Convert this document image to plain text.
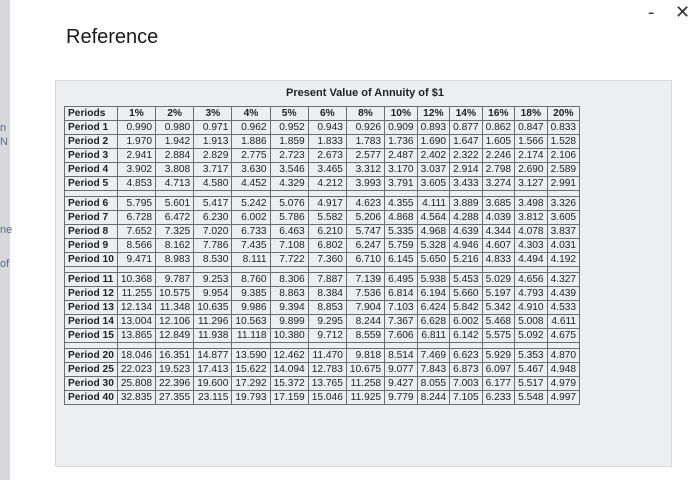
n
N
ne
of
Reference
- ✕
Present Value of Annuity of $1
Periods	1%	2%	3%	4%	5%	6%	8%	10%	12%	14%	16%	18%	20%
Period 1	0.990	0.980	0.971	0.962	0.952	0.943	0.926	0.909	0.893	0.877	0.862	0.847	0.833
Period 2	1.970	1.942	1.913	1.886	1.859	1.833	1.783	1.736	1.690	1.647	1.605	1.566	1.528
Period 3	2.941	2.884	2.829	2.775	2.723	2.673	2.577	2.487	2.402	2.322	2.246	2.174	2.106
Period 4	3.902	3.808	3.717	3.630	3.546	3.465	3.312	3.170	3.037	2.914	2.798	2.690	2.589
Period 5	4.853	4.713	4.580	4.452	4.329	4.212	3.993	3.791	3.605	3.433	3.274	3.127	2.991

Period 6	5.795	5.601	5.417	5.242	5.076	4.917	4.623	4.355	4.111	3.889	3.685	3.498	3.326
Period 7	6.728	6.472	6.230	6.002	5.786	5.582	5.206	4.868	4.564	4.288	4.039	3.812	3.605
Period 8	7.652	7.325	7.020	6.733	6.463	6.210	5.747	5.335	4.968	4.639	4.344	4.078	3.837
Period 9	8.566	8.162	7.786	7.435	7.108	6.802	6.247	5.759	5.328	4.946	4.607	4.303	4.031
Period 10	9.471	8.983	8.530	8.111	7.722	7.360	6.710	6.145	5.650	5.216	4.833	4.494	4.192

Period 11	10.368	9.787	9.253	8.760	8.306	7.887	7.139	6.495	5.938	5.453	5.029	4.656	4.327
Period 12	11.255	10.575	9.954	9.385	8.863	8.384	7.536	6.814	6.194	5.660	5.197	4.793	4.439
Period 13	12.134	11.348	10.635	9.986	9.394	8.853	7.904	7.103	6.424	5.842	5.342	4.910	4.533
Period 14	13.004	12.106	11.296	10.563	9.899	9.295	8.244	7.367	6.628	6.002	5.468	5.008	4.611
Period 15	13.865	12.849	11.938	11.118	10.380	9.712	8.559	7.606	6.811	6.142	5.575	5.092	4.675

Period 20	18.046	16.351	14.877	13.590	12.462	11.470	9.818	8.514	7.469	6.623	5.929	5.353	4.870
Period 25	22.023	19.523	17.413	15.622	14.094	12.783	10.675	9.077	7.843	6.873	6.097	5.467	4.948
Period 30	25.808	22.396	19.600	17.292	15.372	13.765	11.258	9.427	8.055	7.003	6.177	5.517	4.979
Period 40	32.835	27.355	23.115	19.793	17.159	15.046	11.925	9.779	8.244	7.105	6.233	5.548	4.997
